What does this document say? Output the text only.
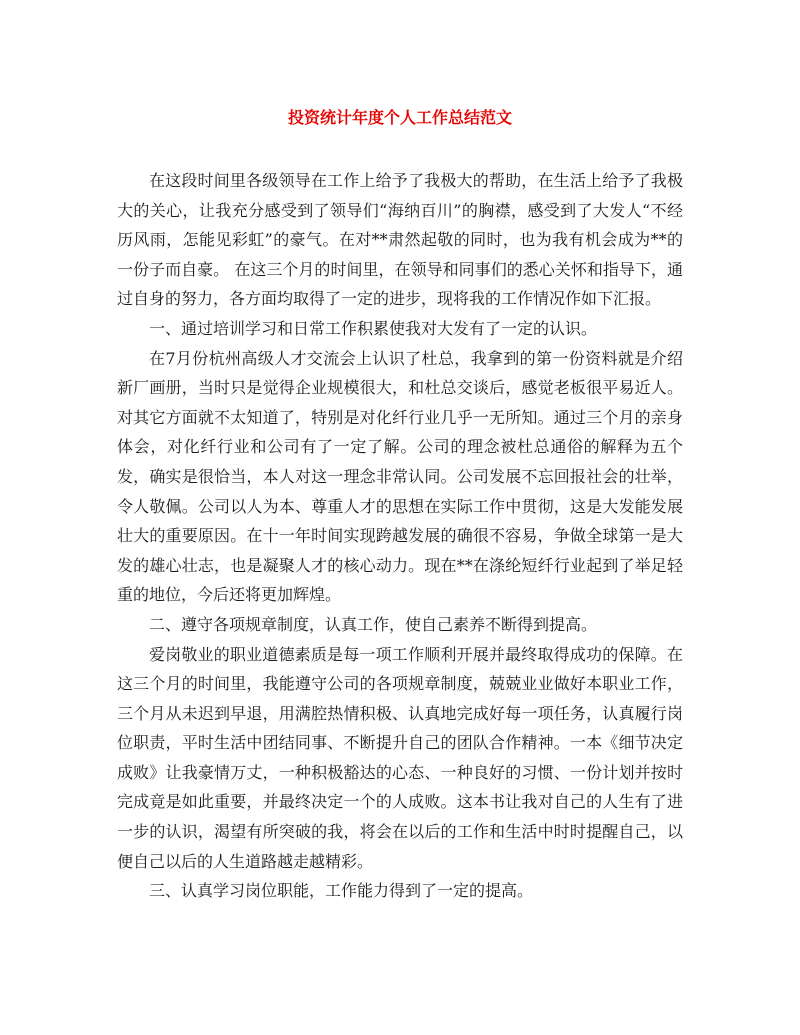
投资统计年度个人工作总结范文

在这段时间里各级领导在工作上给予了我极大的帮助，在生活上给予了我极大的关心，让我充分感受到了领导们“海纳百川”的胸襟，感受到了大发人“不经历风雨，怎能见彩虹”的豪气。在对**肃然起敬的同时，也为我有机会成为**的一份子而自豪。 在这三个月的时间里，在领导和同事们的悉心关怀和指导下，通过自身的努力，各方面均取得了一定的进步，现将我的工作情况作如下汇报。

一、通过培训学习和日常工作积累使我对大发有了一定的认识。

在7月份杭州高级人才交流会上认识了杜总，我拿到的第一份资料就是介绍新厂画册，当时只是觉得企业规模很大，和杜总交谈后，感觉老板很平易近人。对其它方面就不太知道了，特别是对化纤行业几乎一无所知。通过三个月的亲身体会，对化纤行业和公司有了一定了解。公司的理念被杜总通俗的解释为五个发，确实是很恰当，本人对这一理念非常认同。公司发展不忘回报社会的壮举，令人敬佩。公司以人为本、尊重人才的思想在实际工作中贯彻，这是大发能发展壮大的重要原因。在十一年时间实现跨越发展的确很不容易，争做全球第一是大发的雄心壮志，也是凝聚人才的核心动力。现在**在涤纶短纤行业起到了举足轻重的地位，今后还将更加辉煌。

二、遵守各项规章制度，认真工作，使自己素养不断得到提高。

爱岗敬业的职业道德素质是每一项工作顺利开展并最终取得成功的保障。在这三个月的时间里，我能遵守公司的各项规章制度，兢兢业业做好本职业工作，三个月从未迟到早退，用满腔热情积极、认真地完成好每一项任务，认真履行岗位职责，平时生活中团结同事、不断提升自己的团队合作精神。一本《细节决定成败》让我豪情万丈，一种积极豁达的心态、一种良好的习惯、一份计划并按时完成竟是如此重要，并最终决定一个的人成败。这本书让我对自己的人生有了进一步的认识，渴望有所突破的我，将会在以后的工作和生活中时时提醒自己，以便自己以后的人生道路越走越精彩。

三、认真学习岗位职能，工作能力得到了一定的提高。
